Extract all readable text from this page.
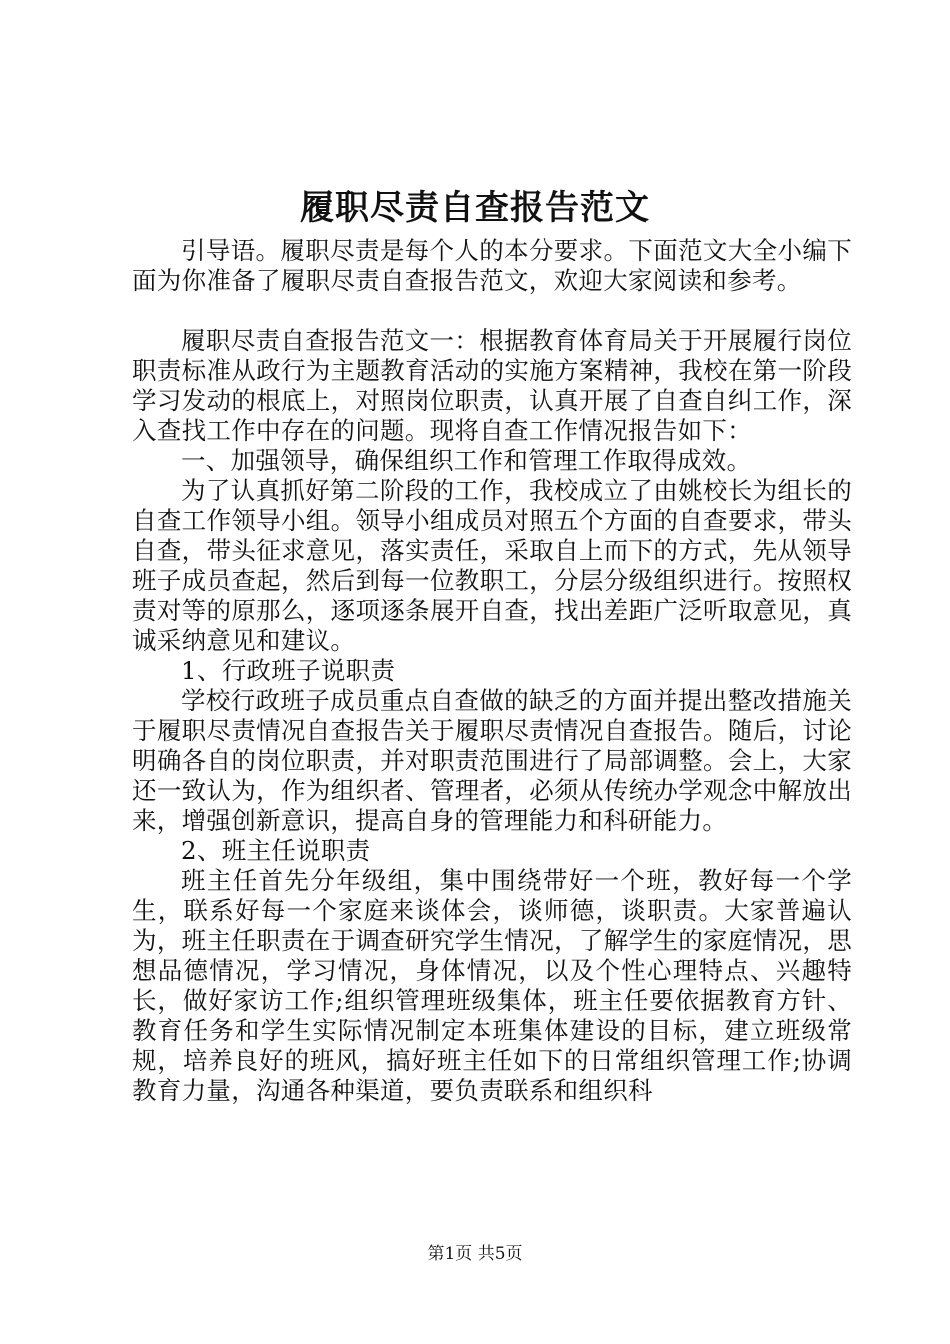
履职尽责自查报告范文

引导语。履职尽责是每个人的本分要求。下面范文大全小编下面为你准备了履职尽责自查报告范文，欢迎大家阅读和参考。

履职尽责自查报告范文一：根据教育体育局关于开展履行岗位职责标准从政行为主题教育活动的实施方案精神，我校在第一阶段学习发动的根底上，对照岗位职责，认真开展了自查自纠工作，深入查找工作中存在的问题。现将自查工作情况报告如下：

一、加强领导，确保组织工作和管理工作取得成效。

为了认真抓好第二阶段的工作，我校成立了由姚校长为组长的自查工作领导小组。领导小组成员对照五个方面的自查要求，带头自查，带头征求意见，落实责任，采取自上而下的方式，先从领导班子成员查起，然后到每一位教职工，分层分级组织进行。按照权责对等的原那么，逐项逐条展开自查，找出差距广泛听取意见，真诚采纳意见和建议。

1、行政班子说职责

学校行政班子成员重点自查做的缺乏的方面并提出整改措施关于履职尽责情况自查报告关于履职尽责情况自查报告。随后，讨论明确各自的岗位职责，并对职责范围进行了局部调整。会上，大家还一致认为，作为组织者、管理者，必须从传统办学观念中解放出来，增强创新意识，提高自身的管理能力和科研能力。

2、班主任说职责

班主任首先分年级组，集中围绕带好一个班，教好每一个学生，联系好每一个家庭来谈体会，谈师德，谈职责。大家普遍认为，班主任职责在于调查研究学生情况，了解学生的家庭情况，思想品德情况，学习情况，身体情况，以及个性心理特点、兴趣特长，做好家访工作;组织管理班级集体，班主任要依据教育方针、教育任务和学生实际情况制定本班集体建设的目标，建立班级常规，培养良好的班风，搞好班主任如下的日常组织管理工作;协调教育力量，沟通各种渠道，要负责联系和组织科

第1页 共5页
